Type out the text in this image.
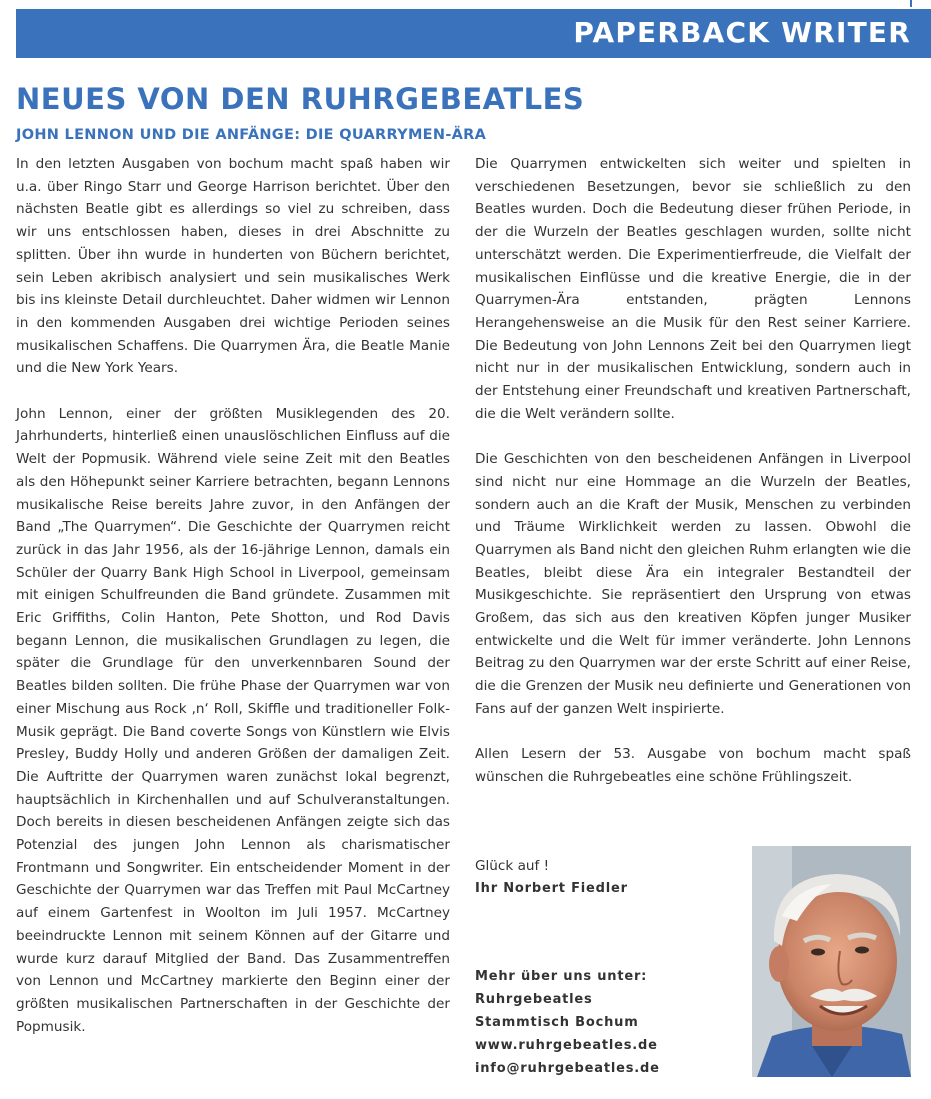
PAPERBACK WRITER
NEUES VON DEN RUHRGEBEATLES
JOHN LENNON UND DIE ANFÄNGE: DIE QUARRYMEN-ÄRA

In den letzten Ausgaben von bochum macht spaß haben wir u.a. über Ringo Starr und George Harrison berichtet. Über den nächsten Beatle gibt es allerdings so viel zu schreiben, dass wir uns entschlossen haben, dieses in drei Abschnitte zu splitten. Über ihn wurde in hunderten von Büchern berichtet, sein Leben akribisch analysiert und sein musikalisches Werk bis ins kleinste Detail durchleuchtet. Daher widmen wir Lennon in den kommenden Ausgaben drei wichtige Perioden seines musikalischen Schaffens. Die Quarrymen Ära, die Beatle Manie und die New York Years.

John Lennon, einer der größten Musiklegenden des 20. Jahrhunderts, hinterließ einen unauslöschlichen Einfluss auf die Welt der Popmusik. Während viele seine Zeit mit den Beatles als den Höhepunkt seiner Karriere betrachten, begann Lennons musikalische Reise bereits Jahre zuvor, in den Anfängen der Band „The Quarrymen“. Die Geschichte der Quarrymen reicht zurück in das Jahr 1956, als der 16-jährige Lennon, damals ein Schüler der Quarry Bank High School in Liverpool, gemeinsam mit einigen Schulfreunden die Band gründete. Zusammen mit Eric Griffiths, Colin Hanton, Pete Shotton, und Rod Davis begann Lennon, die musikalischen Grundlagen zu legen, die später die Grundlage für den unverkennbaren Sound der Beatles bilden sollten. Die frühe Phase der Quarrymen war von einer Mischung aus Rock ‚n‘ Roll, Skiffle und traditioneller Folk-Musik geprägt. Die Band coverte Songs von Künstlern wie Elvis Presley, Buddy Holly und anderen Größen der damaligen Zeit. Die Auftritte der Quarrymen waren zunächst lokal begrenzt, hauptsächlich in Kirchenhallen und auf Schulveranstaltungen. Doch bereits in diesen bescheidenen Anfängen zeigte sich das Potenzial des jungen John Lennon als charismatischer Frontmann und Songwriter. Ein entscheidender Moment in der Geschichte der Quarrymen war das Treffen mit Paul McCartney auf einem Gartenfest in Woolton im Juli 1957. McCartney beeindruckte Lennon mit seinem Können auf der Gitarre und wurde kurz darauf Mitglied der Band. Das Zusammentreffen von Lennon und McCartney markierte den Beginn einer der größten musikalischen Partnerschaften in der Geschichte der Popmusik.

Die Quarrymen entwickelten sich weiter und spielten in verschiedenen Besetzungen, bevor sie schließlich zu den Beatles wurden. Doch die Bedeutung dieser frühen Periode, in der die Wurzeln der Beatles geschlagen wurden, sollte nicht unterschätzt werden. Die Experimentierfreude, die Vielfalt der musikalischen Einflüsse und die kreative Energie, die in der Quarrymen-Ära entstanden, prägten Lennons Herangehensweise an die Musik für den Rest seiner Karriere. Die Bedeutung von John Lennons Zeit bei den Quarrymen liegt nicht nur in der musikalischen Entwicklung, sondern auch in der Entstehung einer Freundschaft und kreativen Partnerschaft, die die Welt verändern sollte.

Die Geschichten von den bescheidenen Anfängen in Liverpool sind nicht nur eine Hommage an die Wurzeln der Beatles, sondern auch an die Kraft der Musik, Menschen zu verbinden und Träume Wirklichkeit werden zu lassen. Obwohl die Quarrymen als Band nicht den gleichen Ruhm erlangten wie die Beatles, bleibt diese Ära ein integraler Bestandteil der Musikgeschichte. Sie repräsentiert den Ursprung von etwas Großem, das sich aus den kreativen Köpfen junger Musiker entwickelte und die Welt für immer veränderte. John Lennons Beitrag zu den Quarrymen war der erste Schritt auf einer Reise, die die Grenzen der Musik neu definierte und Generationen von Fans auf der ganzen Welt inspirierte.

Allen Lesern der 53. Ausgabe von bochum macht spaß wünschen die Ruhrgebeatles eine schöne Frühlingszeit.

Glück auf !
Ihr Norbert Fiedler
Mehr über uns unter:
Ruhrgebeatles
Stammtisch Bochum
www.ruhrgebeatles.de
info@ruhrgebeatles.de
